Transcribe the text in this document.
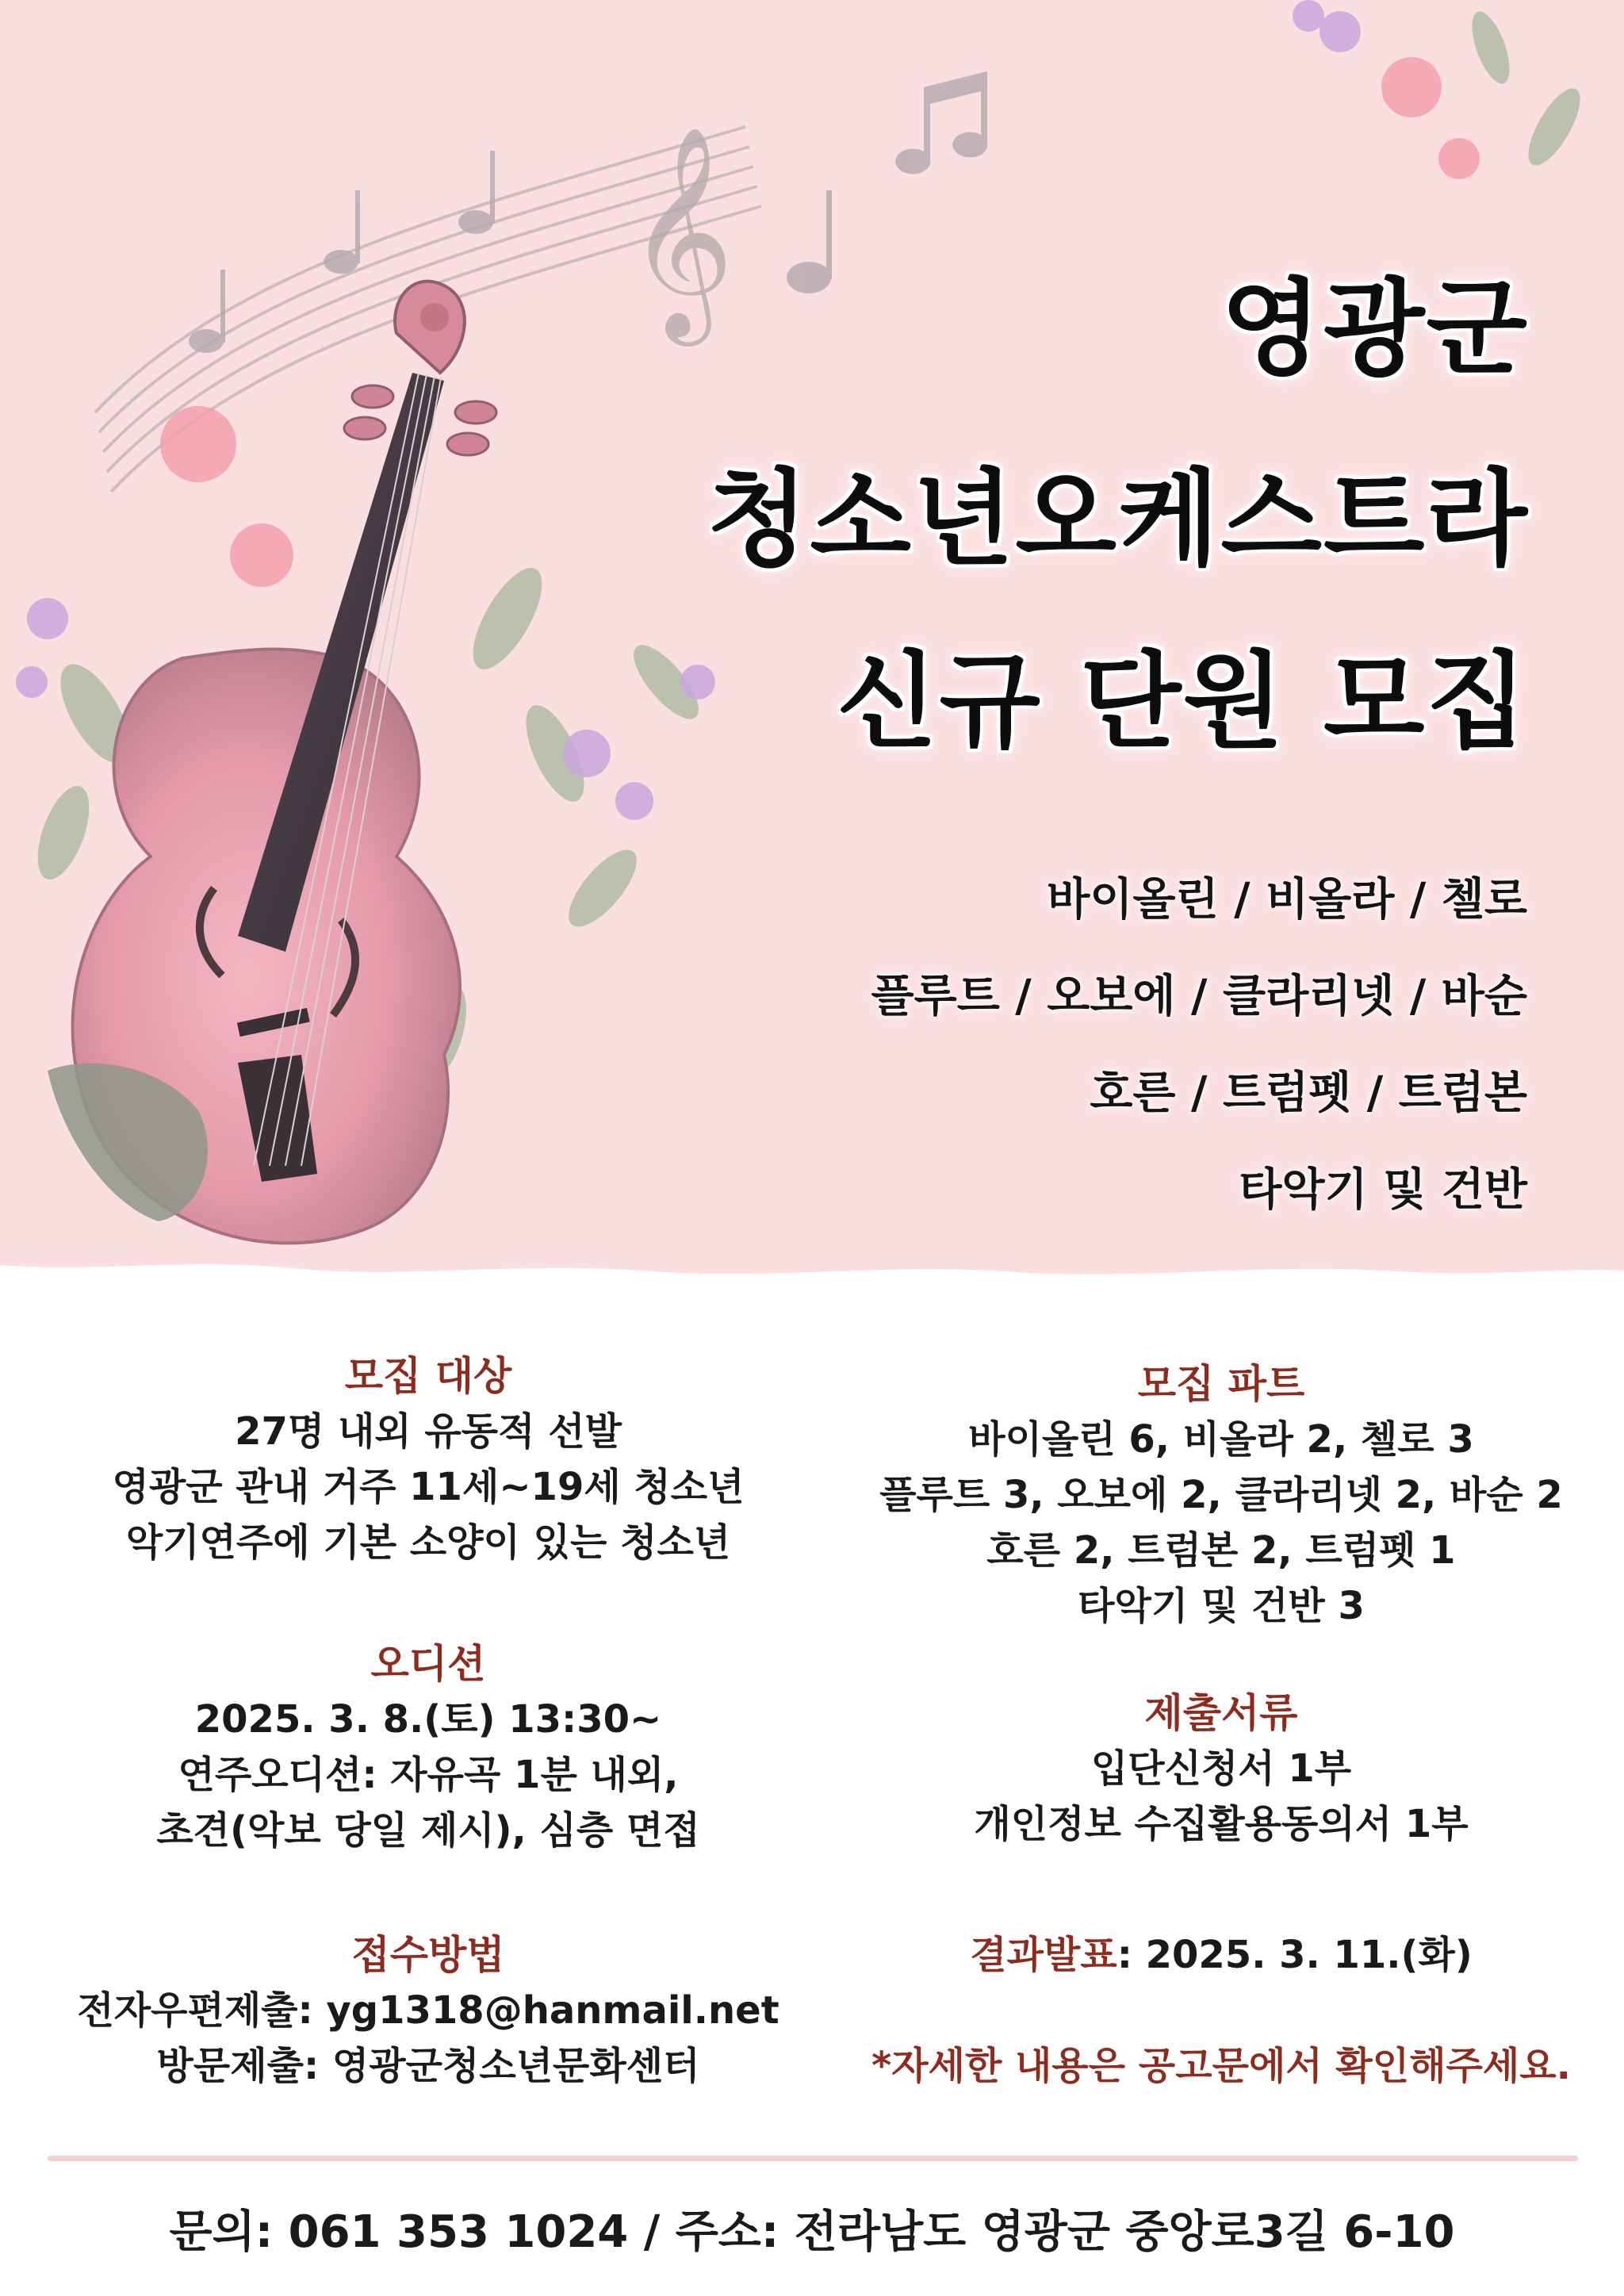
𝄞	영광군
청소년오케스트라
신규 단원 모집
바이올린 / 비올라 / 첼로
플루트 / 오보에 / 클라리넷 / 바순
호른 / 트럼펫 / 트럼본
타악기 및 건반
모집 대상
27명 내외 유동적 선발
영광군 관내 거주 11세~19세 청소년
악기연주에 기본 소양이 있는 청소년
오디션
2025. 3. 8.(토) 13:30~
연주오디션: 자유곡 1분 내외,
초견(악보 당일 제시), 심층 면접
접수방법
전자우편제출: yg1318@hanmail.net
방문제출: 영광군청소년문화센터
모집 파트
바이올린 6, 비올라 2, 첼로 3
플루트 3, 오보에 2, 클라리넷 2, 바순 2
호른 2, 트럼본 2, 트럼펫 1
타악기 및 건반 3
제출서류
입단신청서 1부
개인정보 수집활용동의서 1부
결과발표: 2025. 3. 11.(화)
*자세한 내용은 공고문에서 확인해주세요.
문의: 061 353 1024 / 주소: 전라남도 영광군 중앙로3길 6-10
